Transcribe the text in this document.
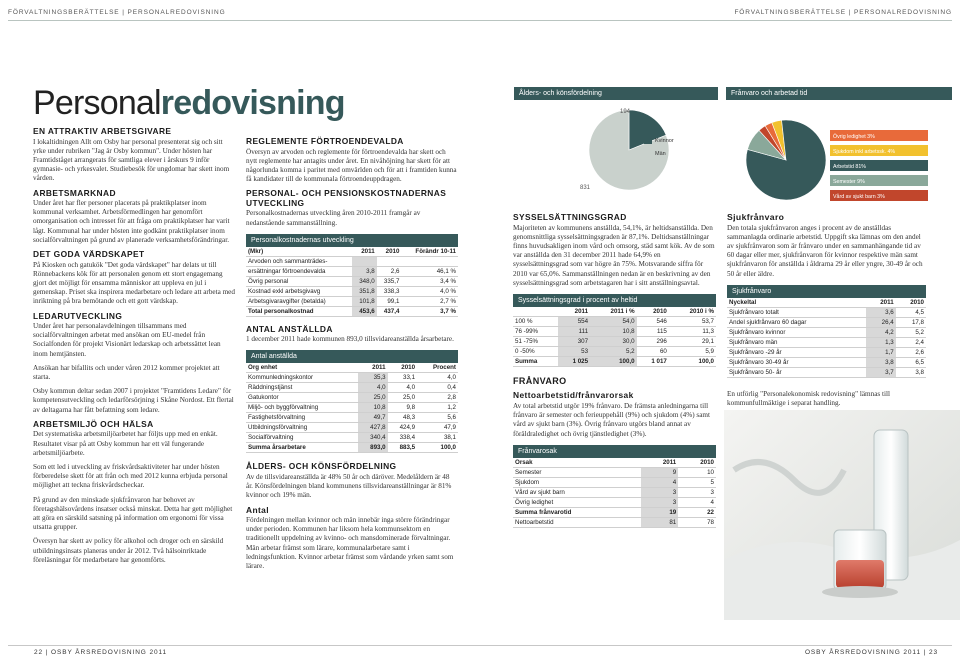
FÖRVALTNINGSBERÄTTELSE | PERSONALREDOVISNING	FÖRVALTNINGSBERÄTTELSE | PERSONALREDOVISNING
Personalredovisning
EN ATTRAKTIV ARBETSGIVARE

I lokaltidningen Allt om Osby har personal presenterat sig och sitt yrke under rubriken "Jag är Osby kommun". Under hösten har Framtidståget arrangerats för samtliga elever i årskurs 9 inför gymnasie- och yrkesvalet. Studiebesök för ungdomar har skett inom vården.

ARBETSMARKNAD

Under året har fler personer placerats på praktikplatser inom kommunal verksamhet. Arbetsförmedlingen har genomfört omorganisation och intresset för att fråga om praktikplatser har varit lågt. Kommunal har under hösten inte godkänt praktikplatser inom socialförvaltningen på grund av planerade verksamhetsförändringar.

DET GODA VÄRDSKAPET

På Kiosken och gatukök "Det goda värdskapet" har delats ut till Rönnebackens kök för att personalen genom ett stort engagemang gjort det möjligt för ensamma människor att uppleva en jul i gemenskap. Priset ska inspirera medarbetare och ledare att arbeta med inriktning på bra bemötande och ett gott värdskap.

LEDARUTVECKLING

Under året har personalavdelningen tillsammans med socialförvaltningen arbetat med ansökan om EU-medel från Socialfonden för projekt Visionärt ledarskap och arbetssättet lean inom hemtjänsten.

Ansökan har bifallits och under våren 2012 kommer projektet att starta.

Osby kommun deltar sedan 2007 i projektet "Framtidens Ledare" för kompetensutveckling och ledarförsörjning i Skåne Nordost. Ett flertal av deltagarna har fått befattning som ledare.

ARBETSMILJÖ OCH HÄLSA

Det systematiska arbetsmiljöarbetet har följts upp med en enkät. Resultatet visar på att Osby kommun har ett väl fungerande arbetsmiljöarbete.

Som ett led i utveckling av friskvårdsaktiviteter har under hösten förberedelse skett för att från och med 2012 kunna erbjuda personal möjlighet att teckna friskvårdscheckar.

På grund av den minskade sjukfrånvaron har behovet av företagshälsovårdens insatser också minskat. Detta har gett möjlighet att göra en särskild satsning på information om ergonomi för vissa utsatta grupper.

Översyn har skett av policy för alkohol och droger och en särskild utbildningsinsats planeras under år 2012. Två hälsoinriktade föreläsningar för medarbetare har genomförts.

REGLEMENTE FÖRTROENDEVALDA

Översyn av arvoden och reglemente för förtroendevalda har skett och nytt reglemente har antagits under året. En nivåhöjning har skett för att någorlunda komma i paritet med omvärlden och för att i framtiden kunna få kandidater till de kommunala förtroendeuppdragen.

PERSONAL- OCH PENSIONSKOSTNADERNAS UTVECKLING

Personalkostnadernas utveckling åren 2010-2011 framgår av nedanstående sammanställning.

Personalkostnadernas utveckling
(Mkr)	2011	2010	Förändr 10-11
Arvoden och sammanträdes-			
ersättningar förtroendevalda	3,8	2,6	46,1 %
Övrig personal	348,0	335,7	3,4 %
Kostnad exkl arbetsgivavg	351,8	338,3	4,0 %
Arbetsgivaravgifter (betalda)	101,8	99,1	2,7 %
Total personalkostnad	453,6	437,4	3,7 %
ANTAL ANSTÄLLDA

1 december 2011 hade kommunen 893,0 tillsvidareanställda årsarbetare.

Antal anställda
Org enhet	2011	2010	Procent
Kommunledningskontor	35,3	33,1	4,0
Räddningstjänst	4,0	4,0	0,4
Gatukontor	25,0	25,0	2,8
Miljö- och byggförvaltning	10,8	9,8	1,2
Fastighetsförvaltning	49,7	48,3	5,6
Utbildningsförvaltning	427,8	424,9	47,9
Socialförvaltning	340,4	338,4	38,1
Summa årsarbetare	893,0	883,5	100,0
ÅLDERS- OCH KÖNSFÖRDELNING

Av de tillsvidareanställda är 48% 50 år och däröver. Medelåldern är 48 år. Könsfördelningen bland kommunens tillsvidareanställningar är 81% kvinnor och 19% män.

Antal

Fördelningen mellan kvinnor och män innebär inga större förändringar under perioden. Kommunen har liksom hela kommunsektorn en traditionellt uppdelning av kvinno- och mansdominerade förvaltningar. Män arbetar främst som lärare, kommunalarbetare samt i ledningsfunktion. Kvinnor arbetar främst som vårdande yrken samt som lärare.

Ålders- och könsfördelning
194
831
Kvinnor
Män
Frånvaro och arbetad tid
Övrig ledighet 3%
Sjukdom inkl arbetssk. 4%
Arbetstid 81%
Semester 9%
Vård av sjukt barn 3%
SYSSELSÄTTNINGSGRAD

Majoriteten av kommunens anställda, 54,1%, är heltidsanställda. Den genomsnittliga sysselsättningsgraden är 87,1%. Deltidsanställningar finns huvudsakligen inom vård och omsorg, städ samt kök. Av de som var anställda den 31 december 2011 hade 64,9% en sysselsättningsgrad som var högre än 75%. Motsvarande siffra för 2010 var 65,0%. Sammanställningen nedan är en beskrivning av den sysselsättningsgrad som arbetstagaren har i sitt anställningsavtal.

Sysselsättningsgrad i procent av heltid
	2011	2011 i %	2010	2010 i %
100 %	554	54,0	546	53,7
76 -99%	111	10,8	115	11,3
51 -75%	307	30,0	296	29,1
0 -50%	53	5,2	60	5,9
Summa	1 025	100,0	1 017	100,0
FRÅNVARO
Nettoarbetstid/frånvarorsak

Av total arbetstid utgör 19% frånvaro. De främsta anledningarna till frånvaro är semester och ferieuppehåll (9%) och sjukdom (4%) samt vård av sjukt barn (3%). Övrig frånvaro utgörs bland annat av föräldraledighet och övrig tjänstledighet (3%).

Frånvarosak
Orsak	2011	2010
Semester	9	10
Sjukdom	4	5
Vård av sjukt barn	3	3
Övrig ledighet	3	4
Summa frånvarotid	19	22
Nettoarbetstid	81	78
Sjukfrånvaro

Den totala sjukfrånvaron anges i procent av de anställdas sammanlagda ordinarie arbetstid. Uppgift ska lämnas om den andel av sjukfrånvaron som är frånvaro under en sammanhängande tid av 60 dagar eller mer, sjukfrånvaron för kvinnor respektive män samt sjukfrånvaron för anställda i åldrarna 29 år eller yngre, 30-49 år och 50 år eller äldre.

Sjukfrånvaro
Nyckeltal	2011	2010
Sjukfrånvaro totalt	3,6	4,5
Andel sjukfrånvaro 60 dagar	26,4	17,8
Sjukfrånvaro kvinnor	4,2	5,2
Sjukfrånvaro män	1,3	2,4
Sjukfrånvaro -29 år	1,7	2,6
Sjukfrånvaro 30-49 år	3,8	6,5
Sjukfrånvaro 50- år	3,7	3,8

En utförlig "Personalekonomisk redovisning" lämnas till kommunfullmäktige i separat handling.

22 | OSBY ÅRSREDOVISNING 2011	OSBY ÅRSREDOVISNING 2011 | 23
